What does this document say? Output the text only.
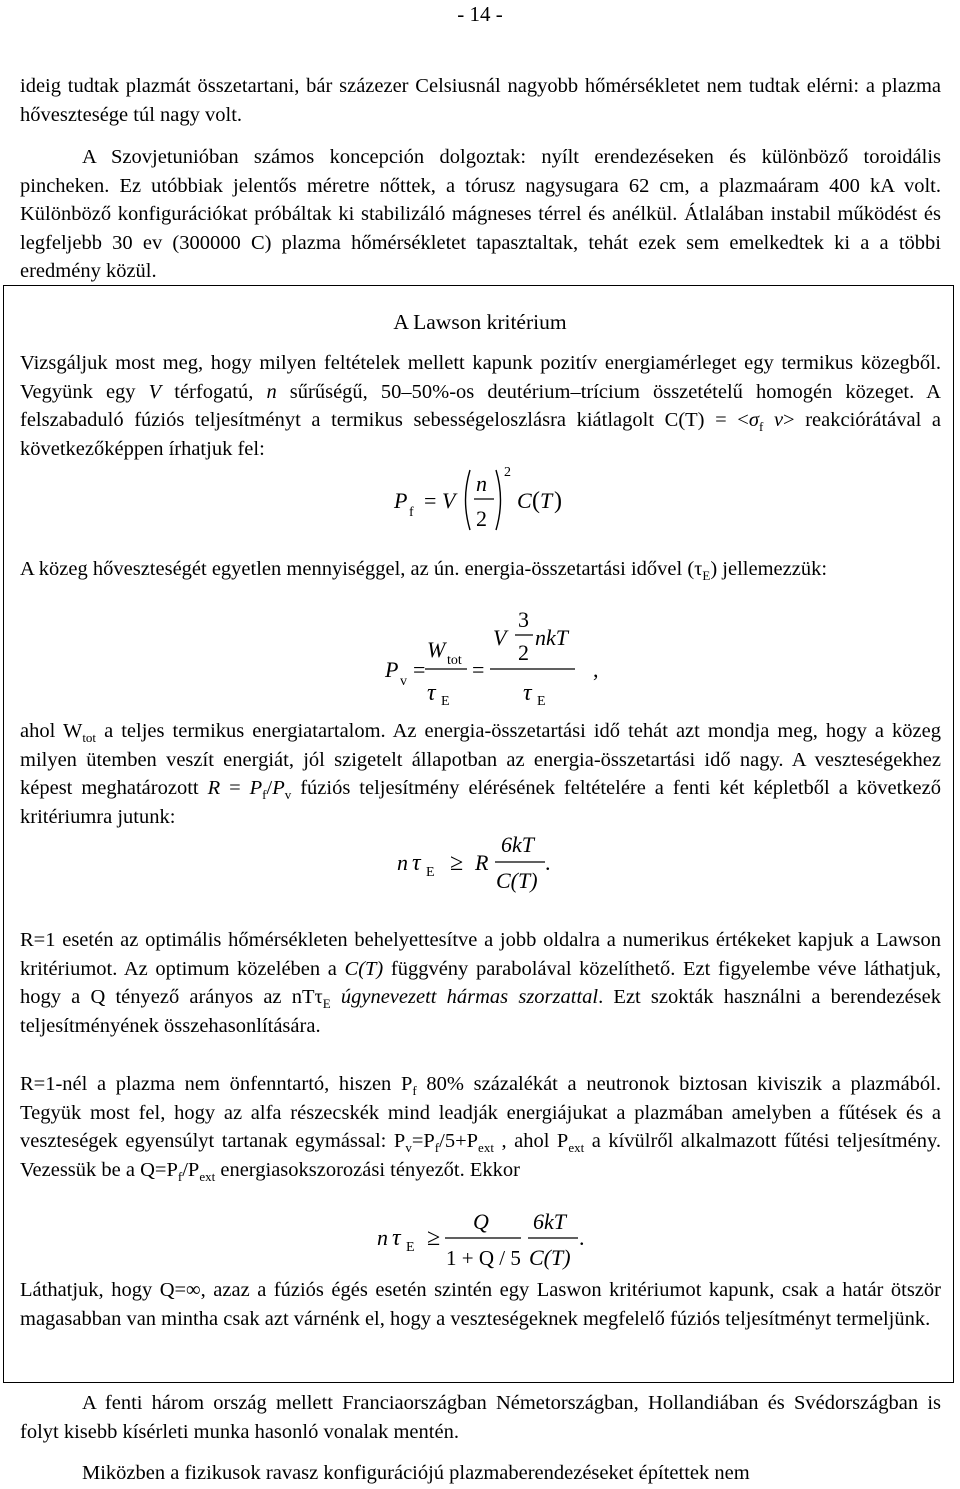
- 14 -

ideig tudtak plazmát összetartani, bár százezer Celsiusnál nagyobb hőmérsékletet nem tudtak elérni: a plazma hővesztesége túl nagy volt.

A Szovjetunióban számos koncepción dolgoztak: nyílt erendezéseken és különböző toroidális pincheken. Ez utóbbiak jelentős méretre nőttek, a tórusz nagysugara 62 cm, a plazmaáram 400 kA volt. Különböző konfigurációkat próbáltak ki stabilizáló mágneses térrel és anélkül. Átlalában instabil működést és legfeljebb 30 ev (300000 C) plazma hőmérsékletet tapasztaltak, tehát ezek sem emelkedtek ki a a többi eredmény közül.

A Lawson kritérium

Vizsgáljuk most meg, hogy milyen feltételek mellett kapunk pozitív energiamérleget egy termikus közegből. Vegyünk egy V térfogatú, n sűrűségű, 50–50%-os deutérium–trícium összetételű homogén közeget. A felszabaduló fúziós teljesítményt a termikus sebességeloszlásra kiátlagolt $C(T) = <\sigma_f$ v> reakciórátával a következőképpen írhatjuk fel:

P f = V
n
2
2
C ( T )

A közeg hőveszteségét egyetlen mennyiséggel, az ún. energia-összetartási idővel $(\tau_E)$ jellemezzük:

P v =
W tot
τ E
=
3
2
V nkT
τ E
,

ahol $W_{tot}$ a teljes termikus energiatartalom. Az energia-összetartási idő tehát azt mondja meg, hogy a közeg milyen ütemben veszít energiát, jól szigetelt állapotban az energia-összetartási idő nagy. A veszteségekhez képest meghatározott $R = P_f/P_v$ fúziós teljesítmény elérésének feltételére a fenti két képletből a következő kritériumra jutunk:

n τ E ≥ R
6kT
C(T)
.

R=1 esetén az optimális hőmérsékleten behelyettesítve a jobb oldalra a numerikus értékeket kapjuk a Lawson kritériumot. Az optimum közelében a C(T) függvény parabolával közelíthető. Ezt figyelembe véve láthatjuk, hogy a Q tényező arányos az nTτ$_E$ úgynevezett hármas szorzattal. Ezt szokták használni a berendezések teljesítményének összehasonlítására.

R=1-nél a plazma nem önfenntartó, hiszen $P_f$ 80% százalékát a neutronok biztosan kiviszik a plazmából. Tegyük most fel, hogy az alfa részecskék mind leadják energiájukat a plazmában amelyben a fűtések és a veszteségek egyensúlyt tartanak egymással: $P_v=P_f/5+P_{ext}$ , ahol $P_{ext}$ a kívülről alkalmazott fűtési teljesítmény. Vezessük be a $Q=P_f/P_{ext}$ energiasokszorozási tényezőt. Ekkor

n τ E ≥
Q
1 + Q / 5
6kT
C(T)
.

Láthatjuk, hogy Q=∞, azaz a fúziós égés esetén szintén egy Laswon kritériumot kapunk, csak a határ ötször magasabban van mintha csak azt várnénk el, hogy a veszteségeknek megfelelő fúziós teljesítményt termeljünk.

A fenti három ország mellett Franciaországban Németországban, Hollandiában és Svédországban is folyt kisebb kísérleti munka hasonló vonalak mentén.

Miközben a fizikusok ravasz konfigurációjú plazmaberendezéseket építettek nem
